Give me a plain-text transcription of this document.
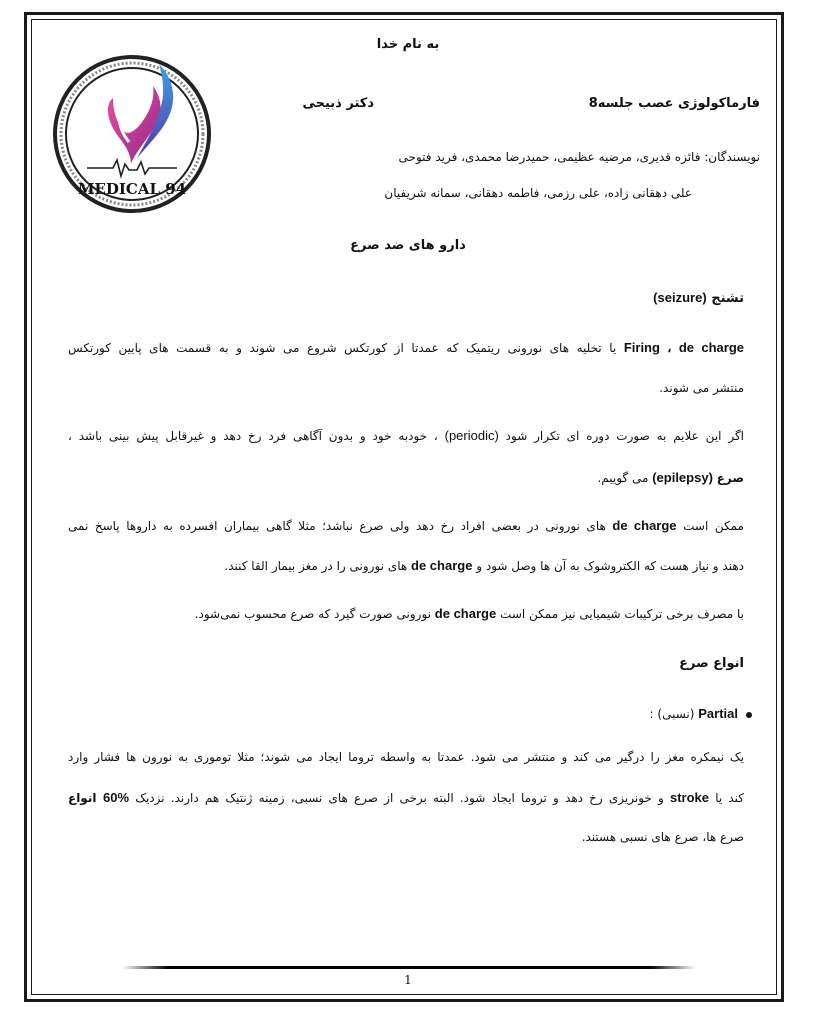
MEDICAL 94
به نام خدا
فارماکولوژی عصب جلسه8
دکتر ذبیحی
نویسندگان: فائزه قدیری، مرضیه عظیمی، حمیدرضا محمدی، فرید فتوحی
علی دهقانی زاده، علی رزمی، فاطمه دهقانی، سمانه شریفیان
دارو های ضد صرع
تشنج (seizure)
Firing ، de charge یا تخلیه های نورونی ریتمیک که عمدتا از کورتکس شروع می شوند و به قسمت های پایین کورتکس
منتشر می شوند.
اگر این علایم به صورت دوره ای تکرار شود (periodic) ، خودبه خود و بدون آگاهی فرد رخ دهد و غیرقابل پیش بینی باشد ،
صرع (epilepsy) می گوییم.
ممکن است de charge های نورونی در بعضی افراد رخ دهد ولی صرع نباشد؛ مثلا گاهی بیماران افسرده به داروها پاسخ نمی
دهند و نیاز هست که الکتروشوک به آن ها وصل شود و de charge های نورونی را در مغز بیمار القا کنند.
با مصرف برخی ترکیبات شیمیایی نیز ممکن است de charge نورونی صورت گیرد که صرع محسوب نمی‌شود.
انواع صرع
Partial (نسبی) :
یک نیمکره مغز را درگیر می کند و منتشر می شود. عمدتا به واسطه تروما ایجاد می شوند؛ مثلا توموری به نورون ها فشار وارد
کند یا stroke و خونریزی رخ دهد و تروما ایجاد شود. البته برخی از صرع های نسبی، زمینه ژنتیک هم دارند. نزدیک 60% انواع
صرع ها، صرع های نسبی هستند.
1
